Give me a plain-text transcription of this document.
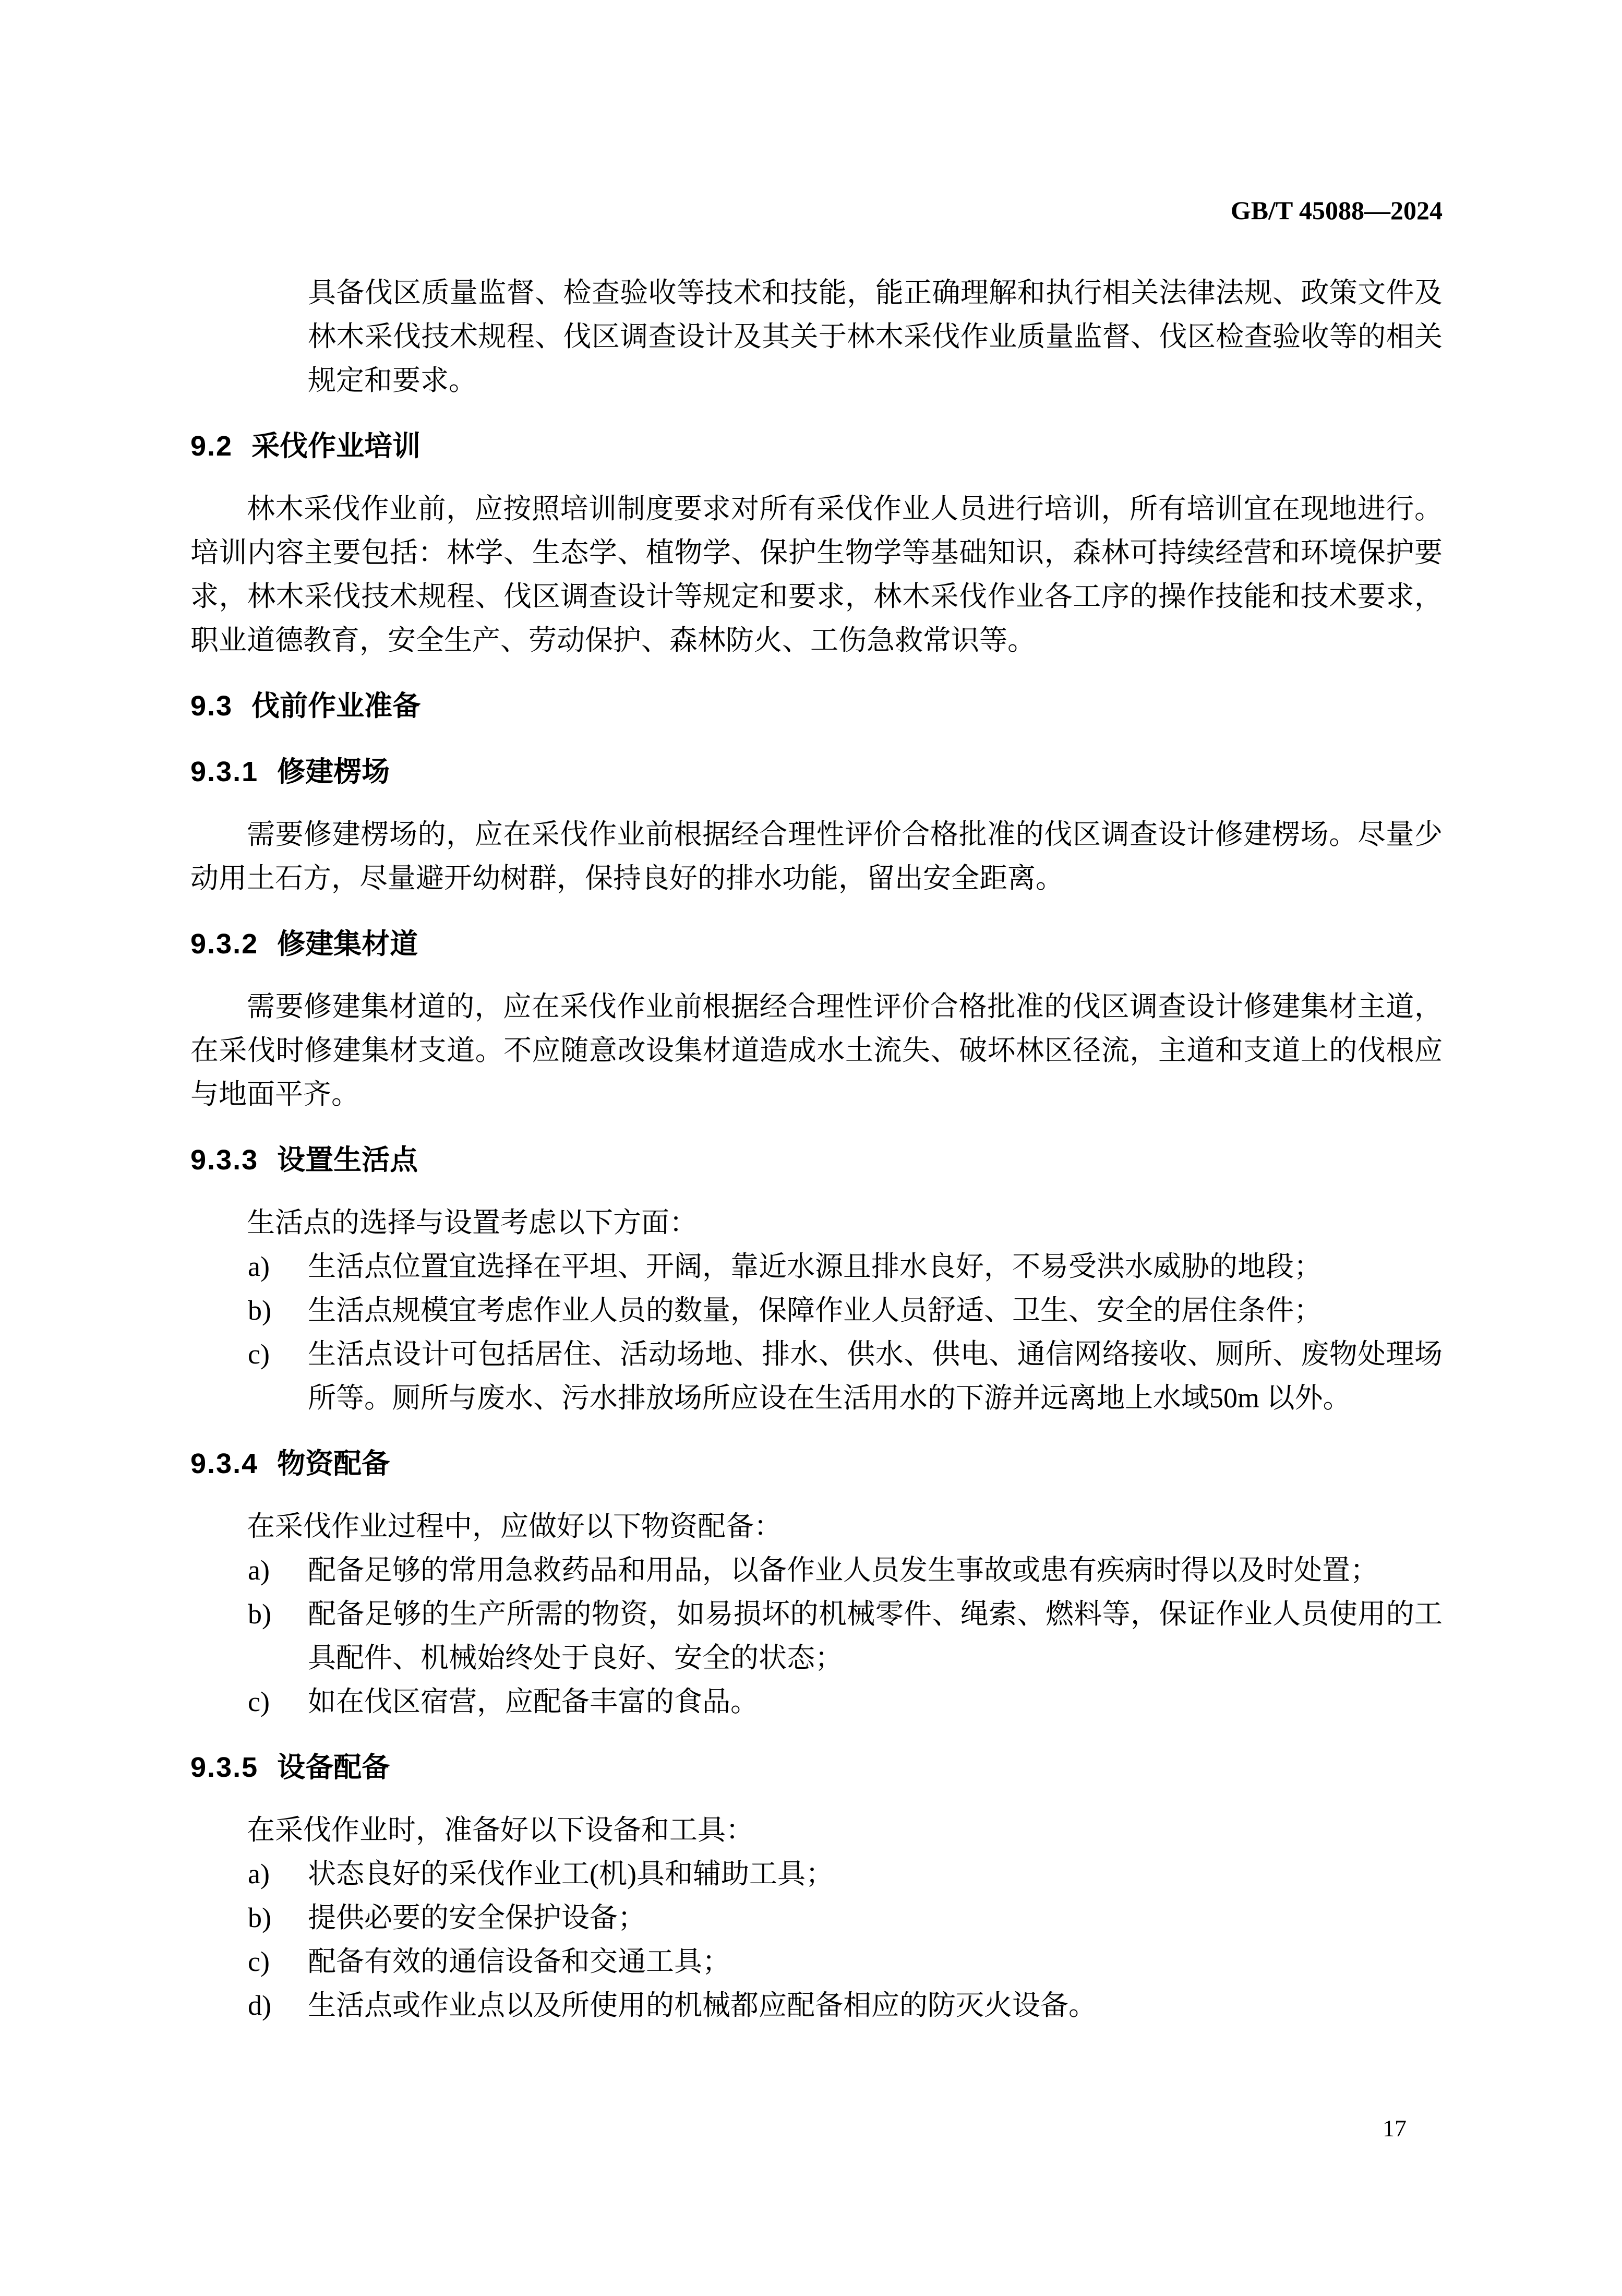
GB/T 45088—2024

具备伐区质量监督、检查验收等技术和技能，能正确理解和执行相关法律法规、政策文件及林木采伐技术规程、伐区调查设计及其关于林木采伐作业质量监督、伐区检查验收等的相关规定和要求。

9.2 采伐作业培训

林木采伐作业前，应按照培训制度要求对所有采伐作业人员进行培训，所有培训宜在现地进行。培训内容主要包括：林学、生态学、植物学、保护生物学等基础知识，森林可持续经营和环境保护要求，林木采伐技术规程、伐区调查设计等规定和要求，林木采伐作业各工序的操作技能和技术要求，职业道德教育，安全生产、劳动保护、森林防火、工伤急救常识等。

9.3 伐前作业准备
9.3.1 修建楞场

需要修建楞场的，应在采伐作业前根据经合理性评价合格批准的伐区调查设计修建楞场。尽量少动用土石方，尽量避开幼树群，保持良好的排水功能，留出安全距离。

9.3.2 修建集材道

需要修建集材道的，应在采伐作业前根据经合理性评价合格批准的伐区调查设计修建集材主道，在采伐时修建集材支道。不应随意改设集材道造成水土流失、破坏林区径流，主道和支道上的伐根应与地面平齐。

9.3.3 设置生活点

生活点的选择与设置考虑以下方面：

a)	生活点位置宜选择在平坦、开阔，靠近水源且排水良好，不易受洪水威胁的地段；
b)	生活点规模宜考虑作业人员的数量，保障作业人员舒适、卫生、安全的居住条件；
c)	生活点设计可包括居住、活动场地、排水、供水、供电、通信网络接收、厕所、废物处理场所等。厕所与废水、污水排放场所应设在生活用水的下游并远离地上水域50m 以外。
9.3.4 物资配备

在采伐作业过程中，应做好以下物资配备：

a)	配备足够的常用急救药品和用品，以备作业人员发生事故或患有疾病时得以及时处置；
b)	配备足够的生产所需的物资，如易损坏的机械零件、绳索、燃料等，保证作业人员使用的工具配件、机械始终处于良好、安全的状态；
c)	如在伐区宿营，应配备丰富的食品。
9.3.5 设备配备

在采伐作业时，准备好以下设备和工具：

a)	状态良好的采伐作业工(机)具和辅助工具；
b)	提供必要的安全保护设备；
c)	配备有效的通信设备和交通工具；
d)	生活点或作业点以及所使用的机械都应配备相应的防灭火设备。
17
